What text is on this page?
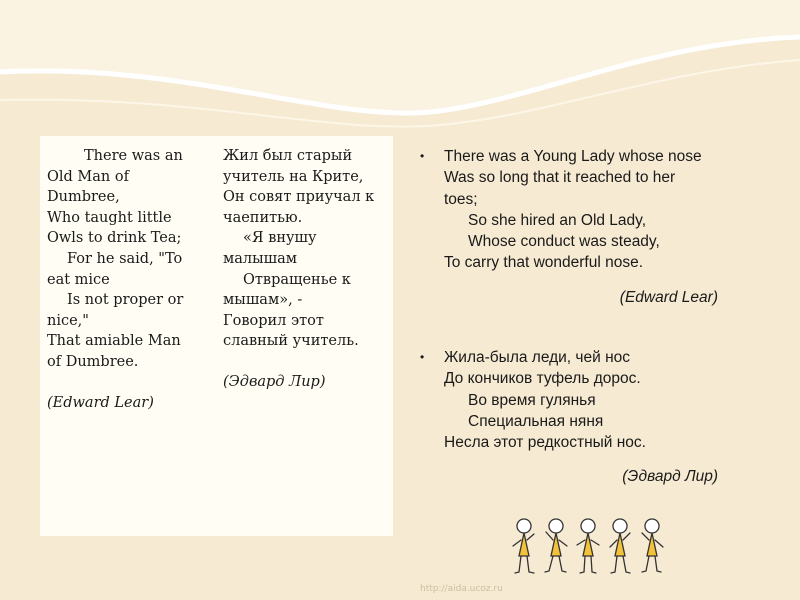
There was an
Old Man of
Dumbree,
Who taught little
Owls to drink Tea;
For he said, "To
eat mice
Is not proper or
nice,"
That amiable Man
of Dumbree.
(Edward Lear)
Жил был старый
учитель на Крите,
Он совят приучал к
чаепитью.
«Я внушу
малышам
Отвращенье к
мышам», -
Говорил этот
славный учитель.
(Эдвард Лир)
•	There was a Young Lady whose nose
Was so long that it reached to her
toes;
So she hired an Old Lady,
Whose conduct was steady,
To carry that wonderful nose.
(Edward Lear)
•	Жила-была леди, чей нос
До кончиков туфель дорос.
Во время гулянья
Специальная няня
Несла этот редкостный нос.
(Эдвард Лир)
http://aida.ucoz.ru
